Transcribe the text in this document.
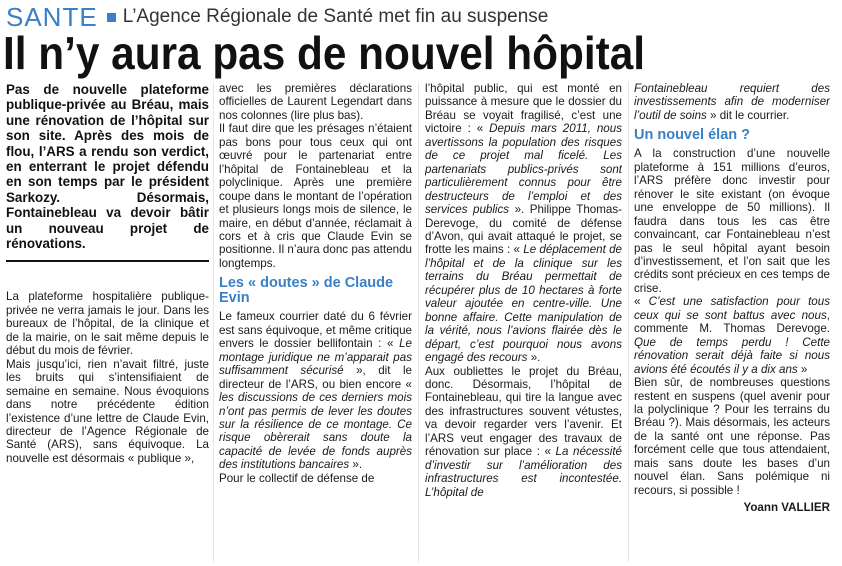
SANTE L’Agence Régionale de Santé met fin au suspense
Il n’y aura pas de nouvel hôpital

Pas de nouvelle plateforme publique-privée au Bréau, mais une rénovation de l’hôpital sur son site. Après des mois de flou, l’ARS a rendu son verdict, en enterrant le projet défendu en son temps par le président Sarkozy. Désormais, Fontainebleau va devoir bâtir un nouveau projet de rénovations.

La plateforme hospitalière publique-privée ne verra jamais le jour. Dans les bureaux de l’hôpital, de la clinique et de la mairie, on le sait même depuis le début du mois de février.

Mais jusqu’ici, rien n’avait filtré, juste les bruits qui s’intensifiaient de semaine en semaine. Nous évoquions dans notre précédente édition l’existence d’une lettre de Claude Evin, directeur de l’Agence Régionale de Santé (ARS), sans équivoque. La nouvelle est désormais « publique »,

avec les premières déclarations officielles de Laurent Legendart dans nos colonnes (lire plus bas).

Il faut dire que les présages n’étaient pas bons pour tous ceux qui ont œuvré pour le partenariat entre l’hôpital de Fontainebleau et la polyclinique. Après une première coupe dans le montant de l’opération et plusieurs longs mois de silence, le maire, en début d’année, réclamait à cors et à cris que Claude Evin se positionne. Il n’aura donc pas attendu longtemps.

Les « doutes » de Claude Evin

Le fameux courrier daté du 6 février est sans équivoque, et même critique envers le dossier bellifontain : « Le montage juridique ne m’apparait pas suffisamment sécurisé », dit le directeur de l’ARS, ou bien encore « les discussions de ces derniers mois n’ont pas permis de lever les doutes sur la résilience de ce montage. Ce risque obèrerait sans doute la capacité de levée de fonds auprès des institutions bancaires ».

Pour le collectif de défense de

l’hôpital public, qui est monté en puissance à mesure que le dossier du Bréau se voyait fragilisé, c’est une victoire : « Depuis mars 2011, nous avertissons la population des risques de ce projet mal ficelé. Les partenariats publics-privés sont particulièrement connus pour être destructeurs de l’emploi et des services publics ». Philippe Thomas-Derevoge, du comité de défense d’Avon, qui avait attaqué le projet, se frotte les mains : « Le déplacement de l’hôpital et de la clinique sur les terrains du Bréau permettait de récupérer plus de 10 hectares à forte valeur ajoutée en centre-ville. Une bonne affaire. Cette manipulation de la vérité, nous l’avions flairée dès le départ, c’est pourquoi nous avons engagé des recours ».

Aux oubliettes le projet du Bréau, donc. Désormais, l’hôpital de Fontainebleau, qui tire la langue avec des infrastructures souvent vétustes, va devoir regarder vers l’avenir. Et l’ARS veut engager des travaux de rénovation sur place : « La nécessité d’investir sur l’amélioration des infrastructures est incontestée. L’hôpital de

Fontainebleau requiert des investissements afin de moderniser l’outil de soins » dit le courrier.

Un nouvel élan ?

A la construction d’une nouvelle plateforme à 151 millions d’euros, l’ARS préfère donc investir pour rénover le site existant (on évoque une enveloppe de 50 millions). Il faudra dans tous les cas être convaincant, car Fontainebleau n’est pas le seul hôpital ayant besoin d’investissement, et l’on sait que les crédits sont précieux en ces temps de crise.

« C’est une satisfaction pour tous ceux qui se sont battus avec nous, commente M. Thomas Derevoge. Que de temps perdu ! Cette rénovation serait déjà faite si nous avions été écoutés il y a dix ans »

Bien sûr, de nombreuses questions restent en suspens (quel avenir pour la polyclinique ? Pour les terrains du Bréau ?). Mais désormais, les acteurs de la santé ont une réponse. Pas forcément celle que tous attendaient, mais sans doute les bases d’un nouvel élan. Sans polémique ni recours, si possible !

Yoann VALLIER
